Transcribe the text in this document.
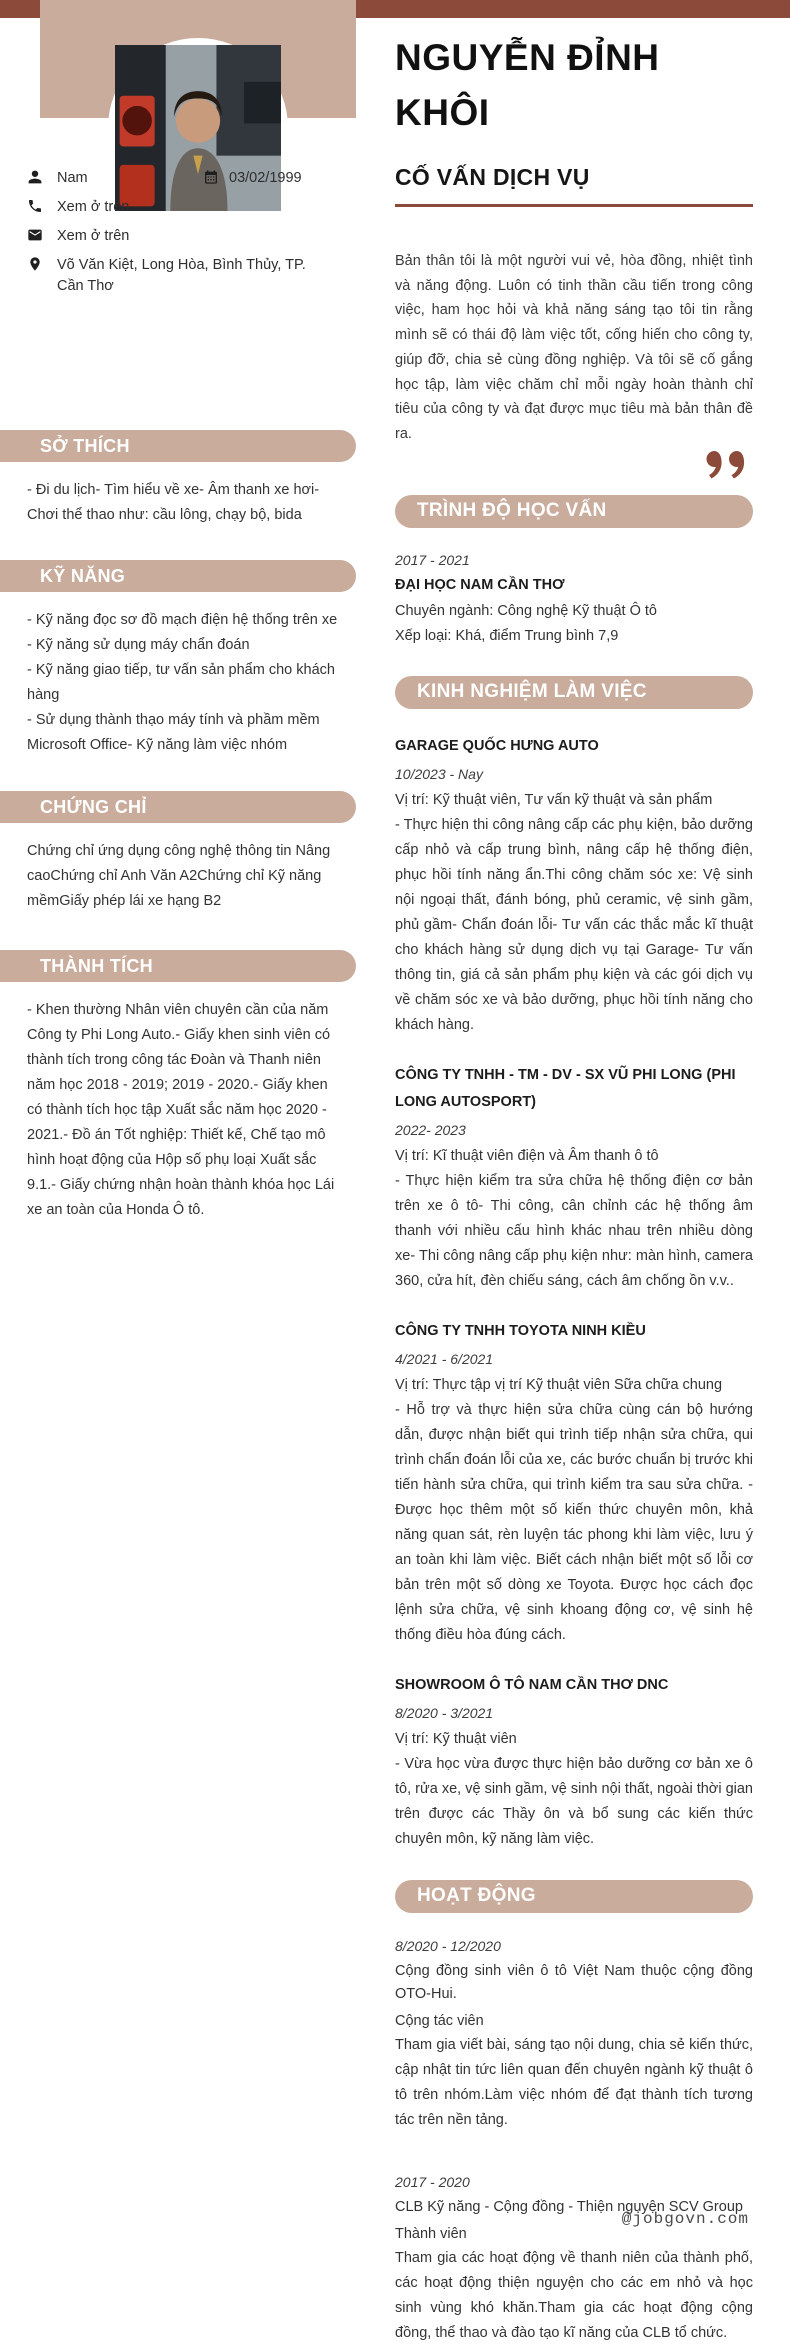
Nam	03/02/1999
Xem ở trên
Xem ở trên
Võ Văn Kiệt, Long Hòa, Bình Thủy, TP. Cần Thơ
SỞ THÍCH

- Đi du lịch- Tìm hiểu về xe- Âm thanh xe hơi- Chơi thể thao như: cầu lông, chạy bộ, bida

KỸ NĂNG
- Kỹ năng đọc sơ đồ mạch điện hệ thống trên xe
- Kỹ năng sử dụng máy chẩn đoán
- Kỹ năng giao tiếp, tư vấn sản phẩm cho khách hàng
- Sử dụng thành thạo máy tính và phầm mềm Microsoft Office- Kỹ năng làm việc nhóm
CHỨNG CHỈ

Chứng chỉ ứng dụng công nghệ thông tin Nâng caoChứng chỉ Anh Văn A2Chứng chỉ Kỹ năng mềmGiấy phép lái xe hạng B2

THÀNH TÍCH

- Khen thường Nhân viên chuyên cần của năm Công ty Phi Long Auto.- Giấy khen sinh viên có thành tích trong công tác Đoàn và Thanh niên năm học 2018 - 2019; 2019 - 2020.- Giấy khen có thành tích học tập Xuất sắc năm học 2020 - 2021.- Đồ án Tốt nghiệp: Thiết kế, Chế tạo mô hình hoạt động của Hộp số phụ loại Xuất sắc 9.1.- Giấy chứng nhận hoàn thành khóa học Lái xe an toàn của Honda Ô tô.

NGUYỄN ĐỈNH KHÔI
CỐ VẤN DỊCH VỤ

Bản thân tôi là một người vui vẻ, hòa đồng, nhiệt tình và năng động. Luôn có tinh thần cầu tiến trong công việc, ham học hỏi và khả năng sáng tạo tôi tin rằng mình sẽ có thái độ làm việc tốt, cống hiến cho công ty, giúp đỡ, chia sẻ cùng đồng nghiệp. Và tôi sẽ cố gắng học tập, làm việc chăm chỉ mỗi ngày hoàn thành chỉ tiêu của công ty và đạt được mục tiêu mà bản thân đề ra.

TRÌNH ĐỘ HỌC VẤN
2017 - 2021
ĐẠI HỌC NAM CẦN THƠ
Chuyên ngành: Công nghệ Kỹ thuật Ô tô
Xếp loại: Khá, điểm Trung bình 7,9
KINH NGHIỆM LÀM VIỆC
GARAGE QUỐC HƯNG AUTO
10/2023 - Nay
Vị trí: Kỹ thuật viên, Tư vấn kỹ thuật và sản phẩm
- Thực hiện thi công nâng cấp các phụ kiện, bảo dưỡng cấp nhỏ và cấp trung bình, nâng cấp hệ thống điện, phục hồi tính năng ẩn.Thi công chăm sóc xe: Vệ sinh nội ngoại thất, đánh bóng, phủ ceramic, vệ sinh gầm, phủ gầm- Chẩn đoán lỗi- Tư vấn các thắc mắc kĩ thuật cho khách hàng sử dụng dịch vụ tại Garage- Tư vấn thông tin, giá cả sản phẩm phụ kiện và các gói dịch vụ về chăm sóc xe và bảo dưỡng, phục hồi tính năng cho khách hàng.
CÔNG TY TNHH - TM - DV - SX VŨ PHI LONG (PHI LONG AUTOSPORT)
2022- 2023
Vị trí: Kĩ thuật viên điện và Âm thanh ô tô
- Thực hiện kiểm tra sửa chữa hệ thống điện cơ bản trên xe ô tô- Thi công, cân chỉnh các hệ thống âm thanh với nhiều cấu hình khác nhau trên nhiều dòng xe- Thi công nâng cấp phụ kiện như: màn hình, camera 360, cửa hít, đèn chiếu sáng, cách âm chống ồn v.v..
CÔNG TY TNHH TOYOTA NINH KIỀU
4/2021 - 6/2021
Vị trí: Thực tập vị trí Kỹ thuật viên Sữa chữa chung
- Hỗ trợ và thực hiện sửa chữa cùng cán bộ hướng dẫn, được nhận biết qui trình tiếp nhận sửa chữa, qui trình chẩn đoán lỗi của xe, các bước chuẩn bị trước khi tiến hành sửa chữa, qui trình kiểm tra sau sửa chữa. - Được học thêm một số kiến thức chuyên môn, khả năng quan sát, rèn luyện tác phong khi làm việc, lưu ý an toàn khi làm việc. Biết cách nhận biết một số lỗi cơ bản trên một số dòng xe Toyota. Được học cách đọc lệnh sửa chữa, vệ sinh khoang động cơ, vệ sinh hệ thống điều hòa đúng cách.
SHOWROOM Ô TÔ NAM CẦN THƠ DNC
8/2020 - 3/2021
Vị trí: Kỹ thuật viên
- Vừa học vừa được thực hiện bảo dưỡng cơ bản xe ô tô, rửa xe, vệ sinh gầm, vệ sinh nội thất, ngoài thời gian trên được các Thầy ôn và bổ sung các kiến thức chuyên môn, kỹ năng làm việc.
HOẠT ĐỘNG
8/2020 - 12/2020
Cộng đồng sinh viên ô tô Việt Nam thuộc cộng đồng OTO-Hui.
Cộng tác viên
Tham gia viết bài, sáng tạo nội dung, chia sẻ kiến thức, cập nhật tin tức liên quan đến chuyên ngành kỹ thuật ô tô trên nhóm.Làm việc nhóm để đạt thành tích tương tác trên nền tảng.
2017 - 2020
CLB Kỹ năng - Cộng đồng - Thiện nguyện SCV Group
Thành viên
Tham gia các hoạt động về thanh niên của thành phố, các hoạt động thiện nguyện cho các em nhỏ và học sinh vùng khó khăn.Tham gia các hoạt động cộng đồng, thể thao và đào tạo kĩ năng của CLB tổ chức.
@jobgovn.com
